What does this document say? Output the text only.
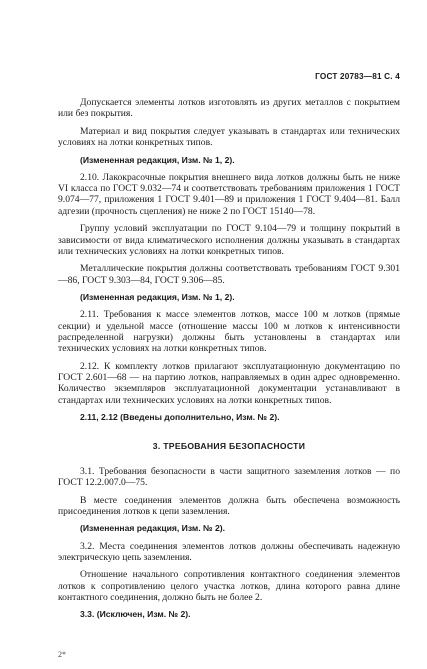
ГОСТ 20783—81 С. 4

Допускается элементы лотков изготовлять из других металлов с покрытием или без покрытия.

Материал и вид покрытия следует указывать в стандартах или технических условиях на лотки конкретных типов.

(Измененная редакция, Изм. № 1, 2).

2.10. Лакокрасочные покрытия внешнего вида лотков должны быть не ниже VI класса по ГОСТ 9.032—74 и соответствовать требованиям приложения 1 ГОСТ 9.074—77, приложения 1 ГОСТ 9.401—89 и приложения 1 ГОСТ 9.404—81. Балл адгезии (прочность сцепления) не ниже 2 по ГОСТ 15140—78.

Группу условий эксплуатации по ГОСТ 9.104—79 и толщину покрытий в зависимости от вида климатического исполнения должны указывать в стандартах или технических условиях на лотки конкретных типов.

Металлические покрытия должны соответствовать требованиям ГОСТ 9.301—86, ГОСТ 9.303—84, ГОСТ 9.306—85.

(Измененная редакция, Изм. № 1, 2).

2.11. Требования к массе элементов лотков, массе 100 м лотков (прямые секции) и удельной массе (отношение массы 100 м лотков к интенсивности распределенной нагрузки) должны быть установлены в стандартах или технических условиях на лотки конкретных типов.

2.12. К комплекту лотков прилагают эксплуатационную документацию по ГОСТ 2.601—68 — на партию лотков, направляемых в один адрес одновременно. Количество экземпляров эксплуатационной документации устанавливают в стандартах или технических условиях на лотки конкретных типов.

2.11, 2.12 (Введены дополнительно, Изм. № 2).

3. ТРЕБОВАНИЯ БЕЗОПАСНОСТИ

3.1. Требования безопасности в части защитного заземления лотков — по ГОСТ 12.2.007.0—75.

В месте соединения элементов должна быть обеспечена возможность присоединения лотков к цепи заземления.

(Измененная редакция, Изм. № 2).

3.2. Места соединения элементов лотков должны обеспечивать надежную электрическую цепь заземления.

Отношение начального сопротивления контактного соединения элементов лотков к сопротивлению целого участка лотков, длина которого равна длине контактного соединения, должно быть не более 2.

3.3. (Исключен, Изм. № 2).

2*
